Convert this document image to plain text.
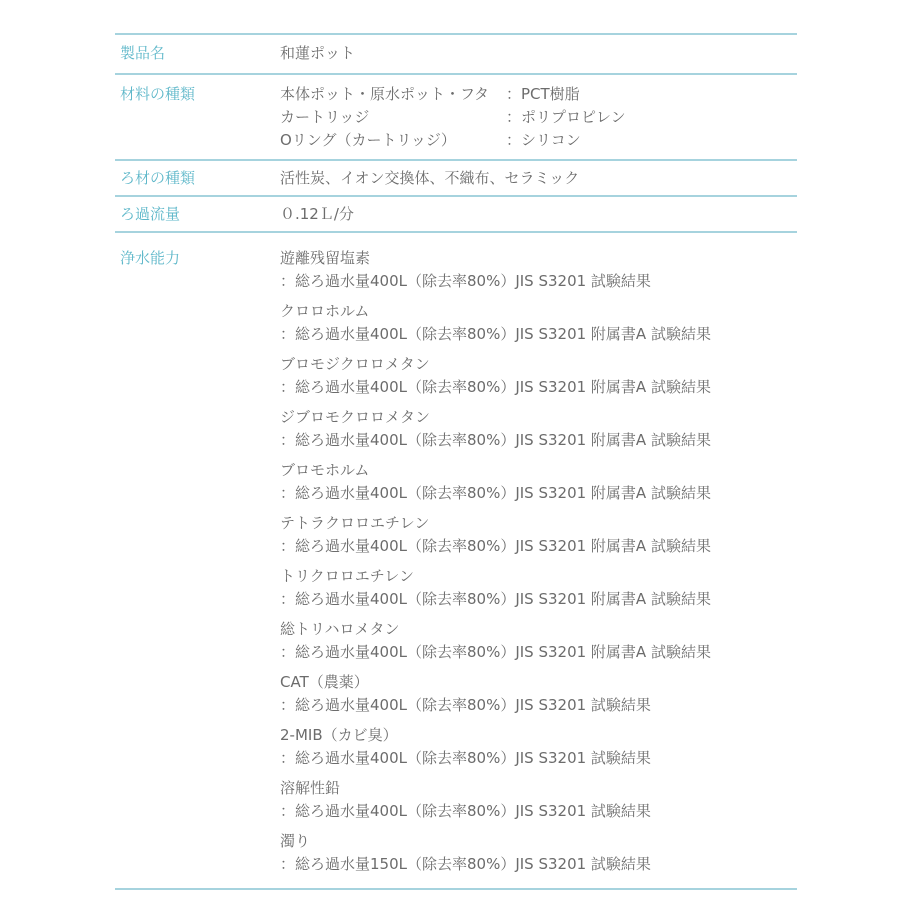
製品名	和蓮ポット
材料の種類	本体ポット・原水ポット・フタ	：PCT樹脂
カートリッジ	：ポリプロピレン
Oリング（カートリッジ）	：シリコン
ろ材の種類	活性炭、イオン交換体、不織布、セラミック
ろ過流量	０.12Ｌ/分
浄水能力	遊離残留塩素
：総ろ過水量400L（除去率80%）JIS S3201 試験結果
クロロホルム
：総ろ過水量400L（除去率80%）JIS S3201 附属書A 試験結果
ブロモジクロロメタン
：総ろ過水量400L（除去率80%）JIS S3201 附属書A 試験結果
ジブロモクロロメタン
：総ろ過水量400L（除去率80%）JIS S3201 附属書A 試験結果
ブロモホルム
：総ろ過水量400L（除去率80%）JIS S3201 附属書A 試験結果
テトラクロロエチレン
：総ろ過水量400L（除去率80%）JIS S3201 附属書A 試験結果
トリクロロエチレン
：総ろ過水量400L（除去率80%）JIS S3201 附属書A 試験結果
総トリハロメタン
：総ろ過水量400L（除去率80%）JIS S3201 附属書A 試験結果
CAT（農薬）
：総ろ過水量400L（除去率80%）JIS S3201 試験結果
2-MIB（カビ臭）
：総ろ過水量400L（除去率80%）JIS S3201 試験結果
溶解性鉛
：総ろ過水量400L（除去率80%）JIS S3201 試験結果
濁り
：総ろ過水量150L（除去率80%）JIS S3201 試験結果
